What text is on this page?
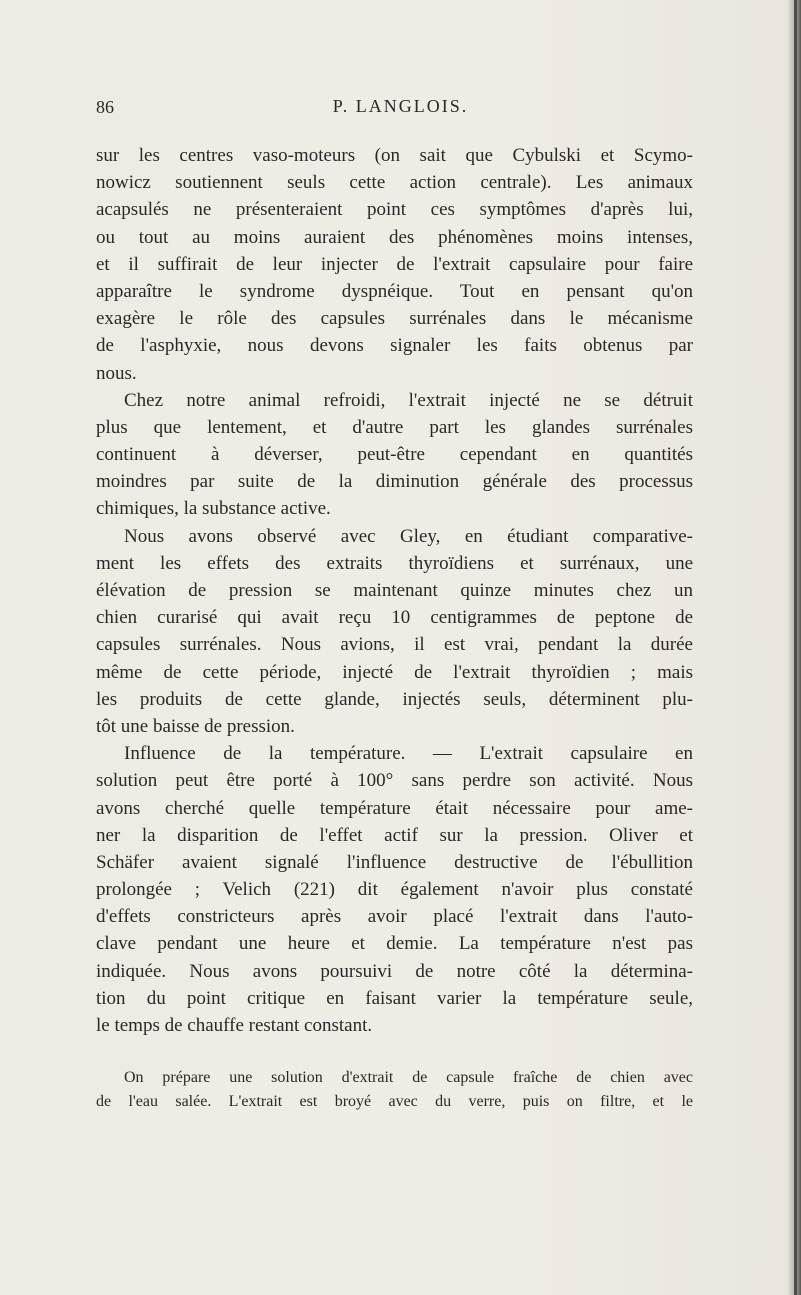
86	P. LANGLOIS.
sur les centres vaso-moteurs (on sait que Cybulski et Scymo-
nowicz soutiennent seuls cette action centrale). Les animaux
acapsulés ne présenteraient point ces symptômes d'après lui,
ou tout au moins auraient des phénomènes moins intenses,
et il suffirait de leur injecter de l'extrait capsulaire pour faire
apparaître le syndrome dyspnéique. Tout en pensant qu'on
exagère le rôle des capsules surrénales dans le mécanisme
de l'asphyxie, nous devons signaler les faits obtenus par
nous.
Chez notre animal refroidi, l'extrait injecté ne se détruit
plus que lentement, et d'autre part les glandes surrénales
continuent à déverser, peut-être cependant en quantités
moindres par suite de la diminution générale des processus
chimiques, la substance active.
Nous avons observé avec Gley, en étudiant comparative-
ment les effets des extraits thyroïdiens et surrénaux, une
élévation de pression se maintenant quinze minutes chez un
chien curarisé qui avait reçu 10 centigrammes de peptone de
capsules surrénales. Nous avions, il est vrai, pendant la durée
même de cette période, injecté de l'extrait thyroïdien ; mais
les produits de cette glande, injectés seuls, déterminent plu-
tôt une baisse de pression.
Influence de la température. — L'extrait capsulaire en
solution peut être porté à 100° sans perdre son activité. Nous
avons cherché quelle température était nécessaire pour ame-
ner la disparition de l'effet actif sur la pression. Oliver et
Schäfer avaient signalé l'influence destructive de l'ébullition
prolongée ; Velich (221) dit également n'avoir plus constaté
d'effets constricteurs après avoir placé l'extrait dans l'auto-
clave pendant une heure et demie. La température n'est pas
indiquée. Nous avons poursuivi de notre côté la détermina-
tion du point critique en faisant varier la température seule,
le temps de chauffe restant constant.
On prépare une solution d'extrait de capsule fraîche de chien avec
de l'eau salée. L'extrait est broyé avec du verre, puis on filtre, et le
